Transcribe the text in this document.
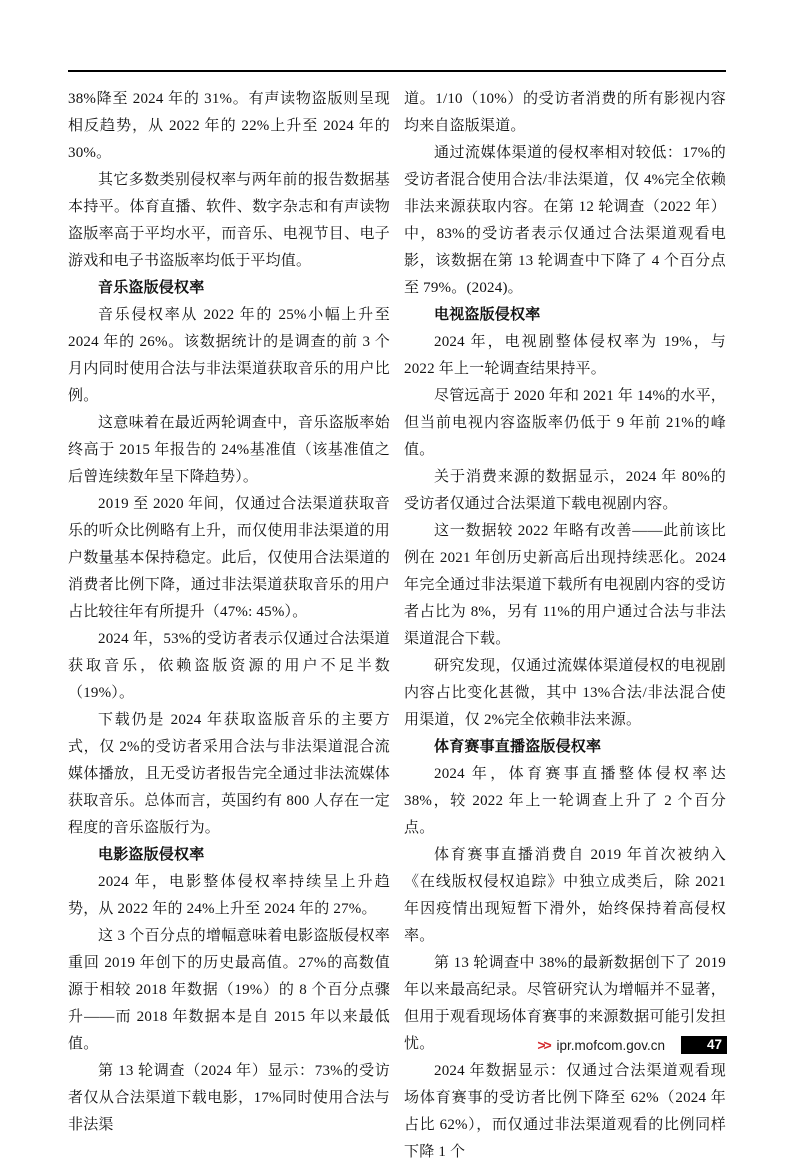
38%降至 2024 年的 31%。有声读物盗版则呈现相反趋势，从 2022 年的 22%上升至 2024 年的 30%。

其它多数类别侵权率与两年前的报告数据基本持平。体育直播、软件、数字杂志和有声读物盗版率高于平均水平，而音乐、电视节目、电子游戏和电子书盗版率均低于平均值。

音乐盗版侵权率

音乐侵权率从 2022 年的 25%小幅上升至 2024 年的 26%。该数据统计的是调查的前 3 个月内同时使用合法与非法渠道获取音乐的用户比例。

这意味着在最近两轮调查中，音乐盗版率始终高于 2015 年报告的 24%基准值（该基准值之后曾连续数年呈下降趋势）。

2019 至 2020 年间，仅通过合法渠道获取音乐的听众比例略有上升，而仅使用非法渠道的用户数量基本保持稳定。此后，仅使用合法渠道的消费者比例下降，通过非法渠道获取音乐的用户占比较往年有所提升（47%: 45%）。

2024 年，53%的受访者表示仅通过合法渠道获取音乐，依赖盗版资源的用户不足半数（19%）。

下载仍是 2024 年获取盗版音乐的主要方式，仅 2%的受访者采用合法与非法渠道混合流媒体播放，且无受访者报告完全通过非法流媒体获取音乐。总体而言，英国约有 800 人存在一定程度的音乐盗版行为。

电影盗版侵权率

2024 年，电影整体侵权率持续呈上升趋势，从 2022 年的 24%上升至 2024 年的 27%。

这 3 个百分点的增幅意味着电影盗版侵权率重回 2019 年创下的历史最高值。27%的高数值源于相较 2018 年数据（19%）的 8 个百分点骤升——而 2018 年数据本是自 2015 年以来最低值。

第 13 轮调查（2024 年）显示：73%的受访者仅从合法渠道下载电影，17%同时使用合法与非法渠

道。1/10（10%）的受访者消费的所有影视内容均来自盗版渠道。

通过流媒体渠道的侵权率相对较低：17%的受访者混合使用合法/非法渠道，仅 4%完全依赖非法来源获取内容。在第 12 轮调查（2022 年）中，83%的受访者表示仅通过合法渠道观看电影，该数据在第 13 轮调查中下降了 4 个百分点至 79%。(2024)。

电视盗版侵权率

2024 年，电视剧整体侵权率为 19%，与 2022 年上一轮调查结果持平。

尽管远高于 2020 年和 2021 年 14%的水平，但当前电视内容盗版率仍低于 9 年前 21%的峰值。

关于消费来源的数据显示，2024 年 80%的受访者仅通过合法渠道下载电视剧内容。

这一数据较 2022 年略有改善——此前该比例在 2021 年创历史新高后出现持续恶化。2024 年完全通过非法渠道下载所有电视剧内容的受访者占比为 8%，另有 11%的用户通过合法与非法渠道混合下载。

研究发现，仅通过流媒体渠道侵权的电视剧内容占比变化甚微，其中 13%合法/非法混合使用渠道，仅 2%完全依赖非法来源。

体育赛事直播盗版侵权率

2024 年，体育赛事直播整体侵权率达 38%，较 2022 年上一轮调查上升了 2 个百分点。

体育赛事直播消费自 2019 年首次被纳入《在线版权侵权追踪》中独立成类后，除 2021 年因疫情出现短暂下滑外，始终保持着高侵权率。

第 13 轮调查中 38%的最新数据创下了 2019 年以来最高纪录。尽管研究认为增幅并不显著，但用于观看现场体育赛事的来源数据可能引发担忧。

2024 年数据显示：仅通过合法渠道观看现场体育赛事的受访者比例下降至 62%（2024 年占比 62%），而仅通过非法渠道观看的比例同样下降 1 个

>> ipr.mofcom.gov.cn	47
